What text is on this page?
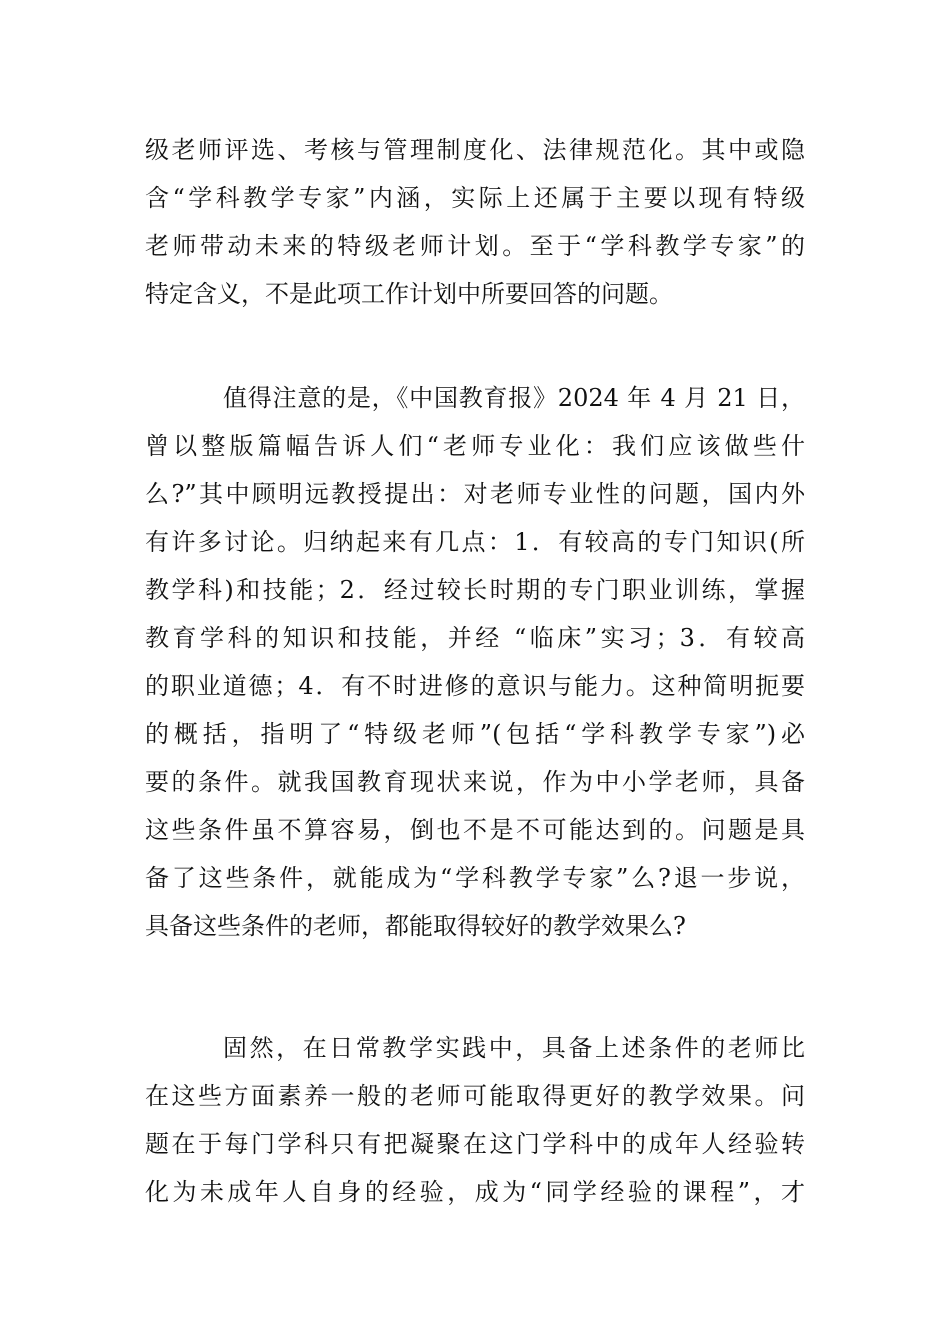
级老师评选、考核与管理制度化、法律规范化。其中或隐
含“学科教学专家”内涵，实际上还属于主要以现有特级
老师带动未来的特级老师计划。至于“学科教学专家”的
特定含义，不是此项工作计划中所要回答的问题。
值得注意的是，《中国教育报》2024 年 4 月 21 日，
曾以整版篇幅告诉人们“老师专业化：我们应该做些什
么?”其中顾明远教授提出：对老师专业性的问题，国内外
有许多讨论。归纳起来有几点：1．有较高的专门知识(所
教学科)和技能；2．经过较长时期的专门职业训练，掌握
教育学科的知识和技能，并经 “临床”实习；3．有较高
的职业道德；4．有不时进修的意识与能力。这种简明扼要
的概括，指明了“特级老师”(包括“学科教学专家”)必
要的条件。就我国教育现状来说，作为中小学老师，具备
这些条件虽不算容易，倒也不是不可能达到的。问题是具
备了这些条件，就能成为“学科教学专家”么?退一步说，
具备这些条件的老师，都能取得较好的教学效果么?
固然，在日常教学实践中，具备上述条件的老师比
在这些方面素养一般的老师可能取得更好的教学效果。问
题在于每门学科只有把凝聚在这门学科中的成年人经验转
化为未成年人自身的经验，成为“同学经验的课程”，才
